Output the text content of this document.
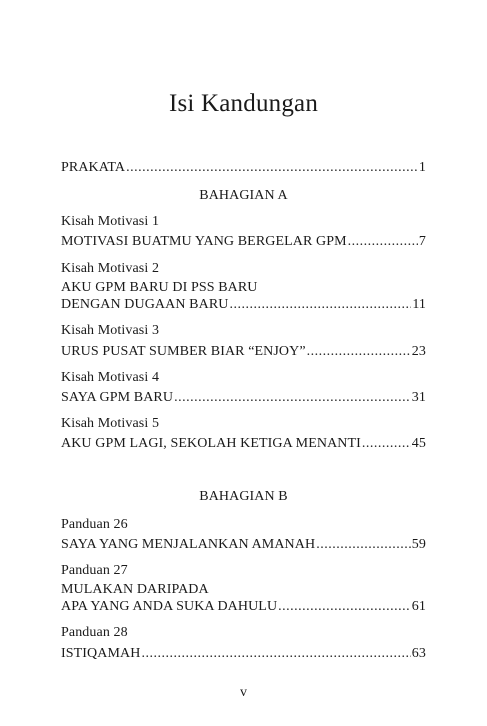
Isi Kandungan
PRAKATA .....	1
BAHAGIAN A
Kisah Motivasi 1
MOTIVASI BUATMU YANG BERGELAR GPM .....	7
Kisah Motivasi 2
AKU GPM BARU DI PSS BARU
DENGAN DUGAAN BARU .....	11
Kisah Motivasi 3
URUS PUSAT SUMBER BIAR “ENJOY” .....	23
Kisah Motivasi 4
SAYA GPM BARU .....	31
Kisah Motivasi 5
AKU GPM LAGI, SEKOLAH KETIGA MENANTI .....	45
BAHAGIAN B
Panduan 26
SAYA YANG MENJALANKAN AMANAH .....	59
Panduan 27
MULAKAN DARIPADA
APA YANG ANDA SUKA DAHULU .....	61
Panduan 28
ISTIQAMAH .....	63
v
